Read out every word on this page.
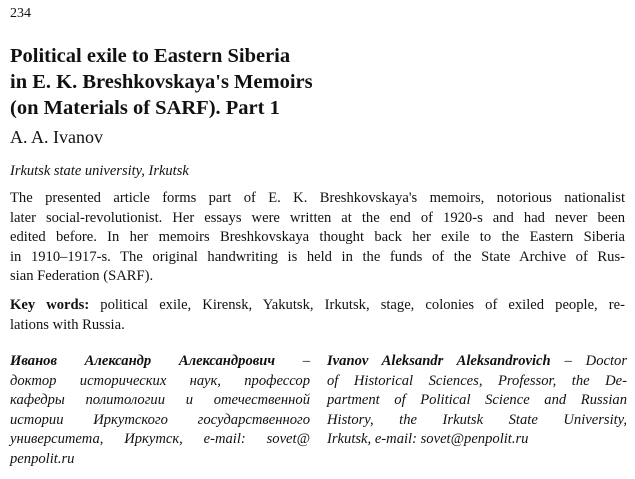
234
Political exile to Eastern Siberia
in E. K. Breshkovskaya's Memoirs
(on Materials of SARF). Part 1
A. A. Ivanov
Irkutsk state university, Irkutsk

The presented article forms part of E. K. Breshkovskaya's memoirs, notorious nationalist
later social-revolutionist. Her essays were written at the end of 1920-s and had never been
edited before. In her memoirs Breshkovskaya thought back her exile to the Eastern Siberia
in 1910–1917-s. The original handwriting is held in the funds of the State Archive of Rus-
sian Federation (SARF).

Key words: political exile, Kirensk, Yakutsk, Irkutsk, stage, colonies of exiled people, re-
lations with Russia.

Иванов Александр Александрович –
доктор исторических наук, профессор
кафедры политологии и отечественной
истории Иркутского государственного
университета, Иркутск, e-mail: sovet@
penpolit.ru
Ivanov Aleksandr Aleksandrovich – Doctor
of Historical Sciences, Professor, the De-
partment of Political Science and Russian
History, the Irkutsk State University,
Irkutsk, e-mail: sovet@penpolit.ru
